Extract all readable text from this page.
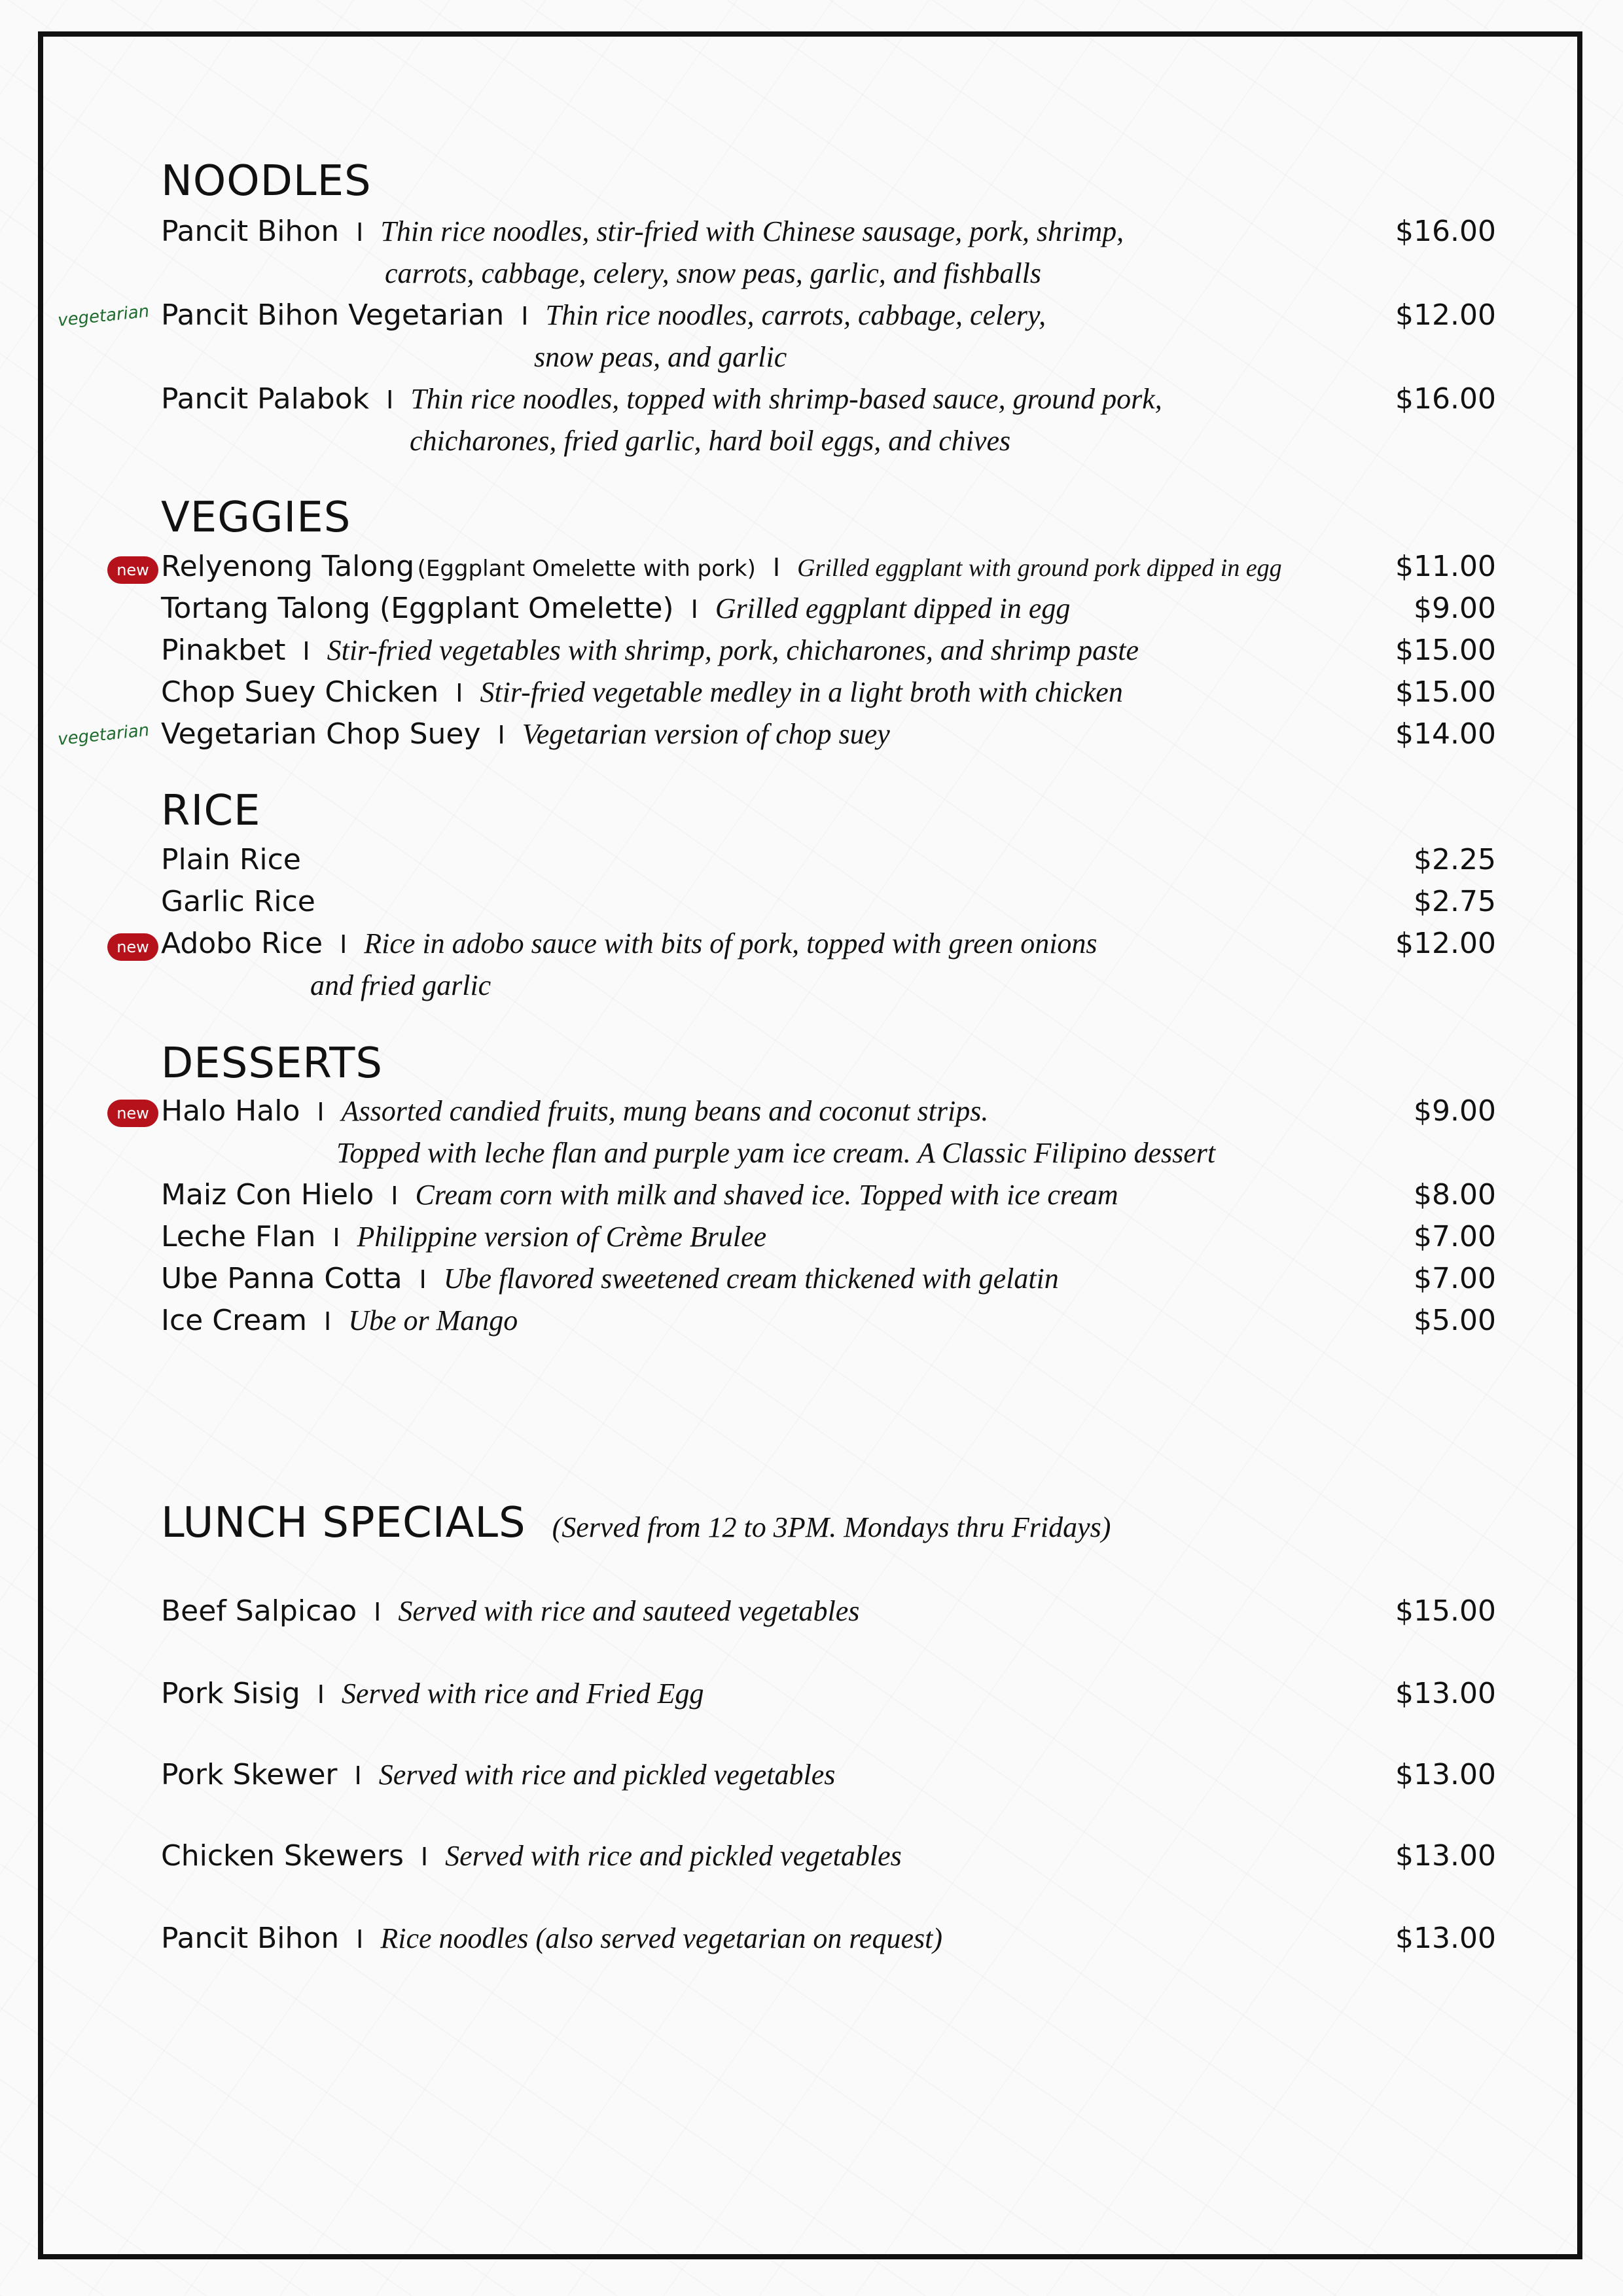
NOODLES
Pancit Bihon I Thin rice noodles, stir-fried with Chinese sausage, pork, shrimp,	$16.00
carrots, cabbage, celery, snow peas, garlic, and fishballs
vegetarian Pancit Bihon Vegetarian I Thin rice noodles, carrots, cabbage, celery,	$12.00
snow peas, and garlic
Pancit Palabok I Thin rice noodles, topped with shrimp-based sauce, ground pork,	$16.00
chicharones, fried garlic, hard boil eggs, and chives
VEGGIES
new Relyenong Talong (Eggplant Omelette with pork) I Grilled eggplant with ground pork dipped in egg	$11.00
Tortang Talong (Eggplant Omelette) I Grilled eggplant dipped in egg	$9.00
Pinakbet I Stir-fried vegetables with shrimp, pork, chicharones, and shrimp paste	$15.00
Chop Suey Chicken I Stir-fried vegetable medley in a light broth with chicken	$15.00
vegetarian Vegetarian Chop Suey I Vegetarian version of chop suey	$14.00
RICE
Plain Rice	$2.25
Garlic Rice	$2.75
new Adobo Rice I Rice in adobo sauce with bits of pork, topped with green onions	$12.00
and fried garlic
DESSERTS
new Halo Halo I Assorted candied fruits, mung beans and coconut strips.	$9.00
Topped with leche flan and purple yam ice cream. A Classic Filipino dessert
Maiz Con Hielo I Cream corn with milk and shaved ice. Topped with ice cream	$8.00
Leche Flan I Philippine version of Crème Brulee	$7.00
Ube Panna Cotta I Ube flavored sweetened cream thickened with gelatin	$7.00
Ice Cream I Ube or Mango	$5.00
LUNCH SPECIALS (Served from 12 to 3PM. Mondays thru Fridays)
Beef Salpicao I Served with rice and sauteed vegetables	$15.00
Pork Sisig I Served with rice and Fried Egg	$13.00
Pork Skewer I Served with rice and pickled vegetables	$13.00
Chicken Skewers I Served with rice and pickled vegetables	$13.00
Pancit Bihon I Rice noodles (also served vegetarian on request)	$13.00
